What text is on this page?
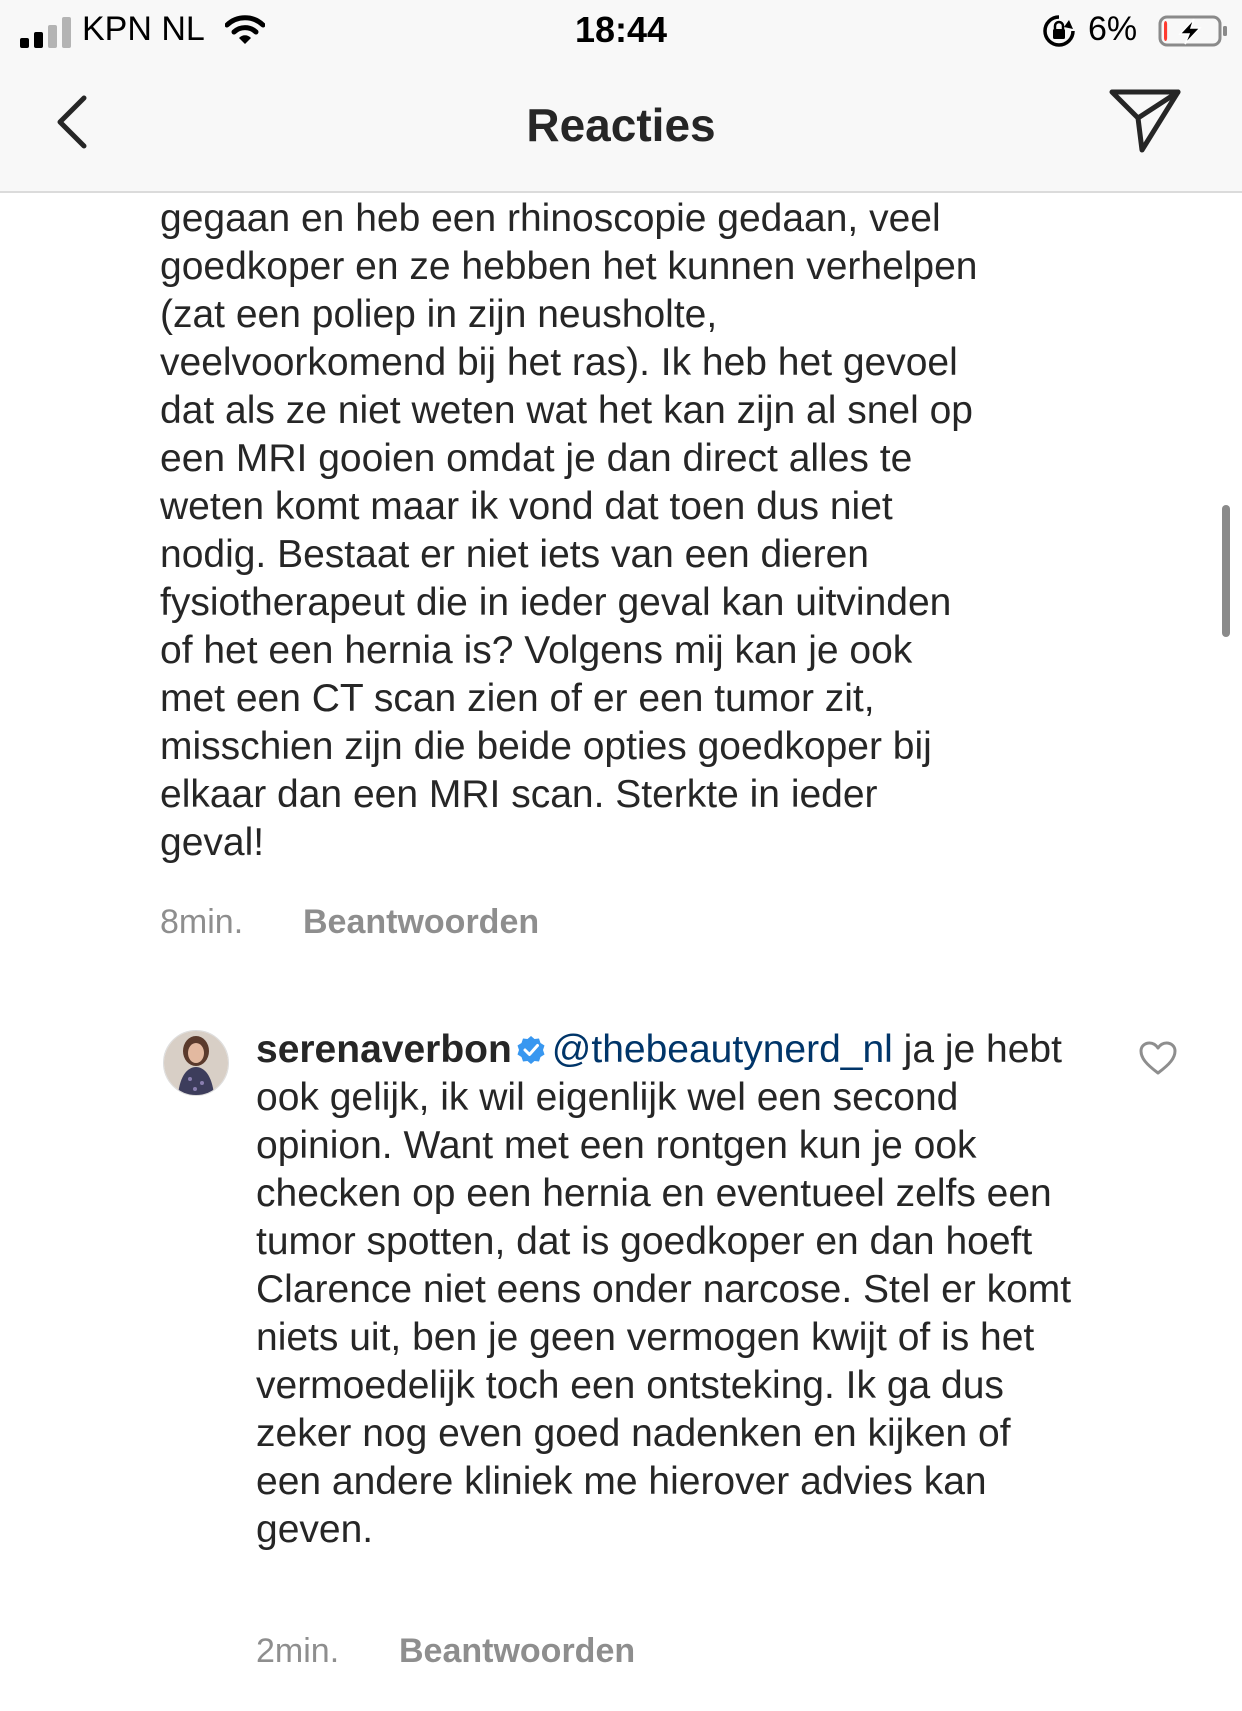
KPN NL	18:44	6%
Reacties

gegaan en heb een rhinoscopie gedaan, veel
goedkoper en ze hebben het kunnen verhelpen
(zat een poliep in zijn neusholte,
veelvoorkomend bij het ras). Ik heb het gevoel
dat als ze niet weten wat het kan zijn al snel op
een MRI gooien omdat je dan direct alles te
weten komt maar ik vond dat toen dus niet
nodig. Bestaat er niet iets van een dieren
fysiotherapeut die in ieder geval kan uitvinden
of het een hernia is? Volgens mij kan je ook
met een CT scan zien of er een tumor zit,
misschien zijn die beide opties goedkoper bij
elkaar dan een MRI scan. Sterkte in ieder
geval!
8min. Beantwoorden
serenaverbon @thebeautynerd_nl ja je hebt ook gelijk, ik wil eigenlijk wel een second opinion. Want met een rontgen kun je ook checken op een hernia en eventueel zelfs een tumor spotten, dat is goedkoper en dan hoeft Clarence niet eens onder narcose. Stel er komt niets uit, ben je geen vermogen kwijt of is het vermoedelijk toch een ontsteking. Ik ga dus zeker nog even goed nadenken en kijken of een andere kliniek me hierover advies kan geven.
2min. Beantwoorden
